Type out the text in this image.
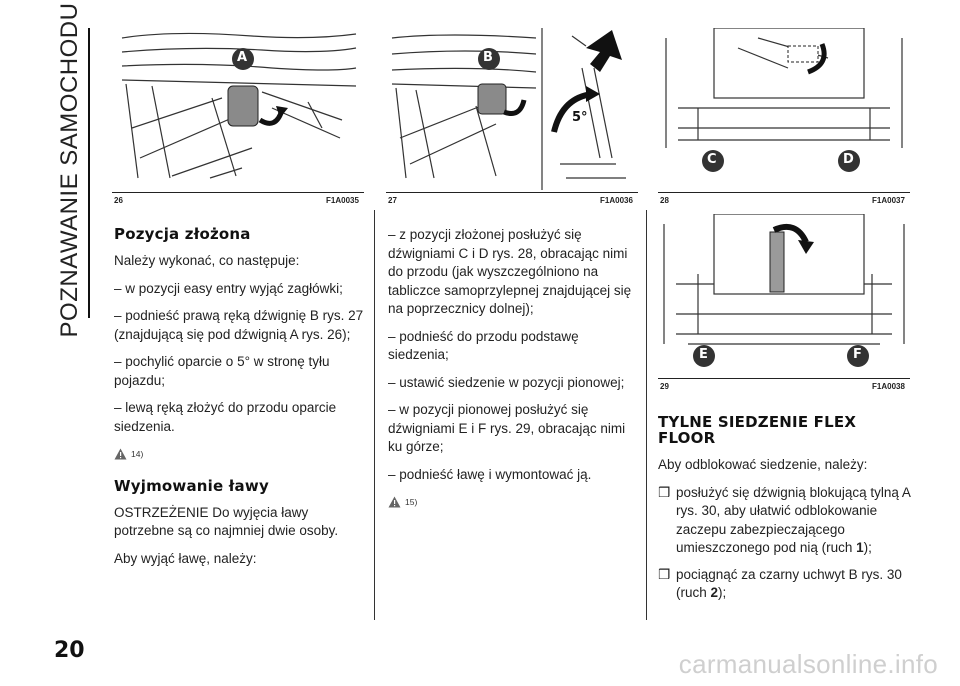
POZNAWANIE SAMOCHODU
20
A
26	F1A0035
B
5°
27	F1A0036
C	D
28	F1A0037
E	F
29	F1A0038
Pozycja złożona

Należy wykonać, co następuje:

– w pozycji easy entry wyjąć zagłówki;

– podnieść prawą ręką dźwignię B rys. 27 (znajdującą się pod dźwignią A rys. 26);

– pochylić oparcie o 5° w stronę tyłu pojazdu;

– lewą ręką złożyć do przodu oparcie siedzenia.

14)
Wyjmowanie ławy

OSTRZEŻENIE Do wyjęcia ławy potrzebne są co najmniej dwie osoby.

Aby wyjąć ławę, należy:

– z pozycji złożonej posłużyć się dźwigniami C i D rys. 28, obracając nimi do przodu (jak wyszczególniono na tabliczce samoprzylepnej znajdującej się na poprzecznicy dolnej);

– podnieść do przodu podstawę siedzenia;

– ustawić siedzenie w pozycji pionowej;

– w pozycji pionowej posłużyć się dźwigniami E i F rys. 29, obracając nimi ku górze;

– podnieść ławę i wymontować ją.

15)
TYLNE SIEDZENIE FLEX FLOOR

Aby odblokować siedzenie, należy:

❒ posłużyć się dźwignią blokującą tylną A rys. 30, aby ułatwić odblokowanie zaczepu zabezpieczającego umieszczonego pod nią (ruch 1);
❒ pociągnąć za czarny uchwyt B rys. 30 (ruch 2);
carmanualsonline.info
